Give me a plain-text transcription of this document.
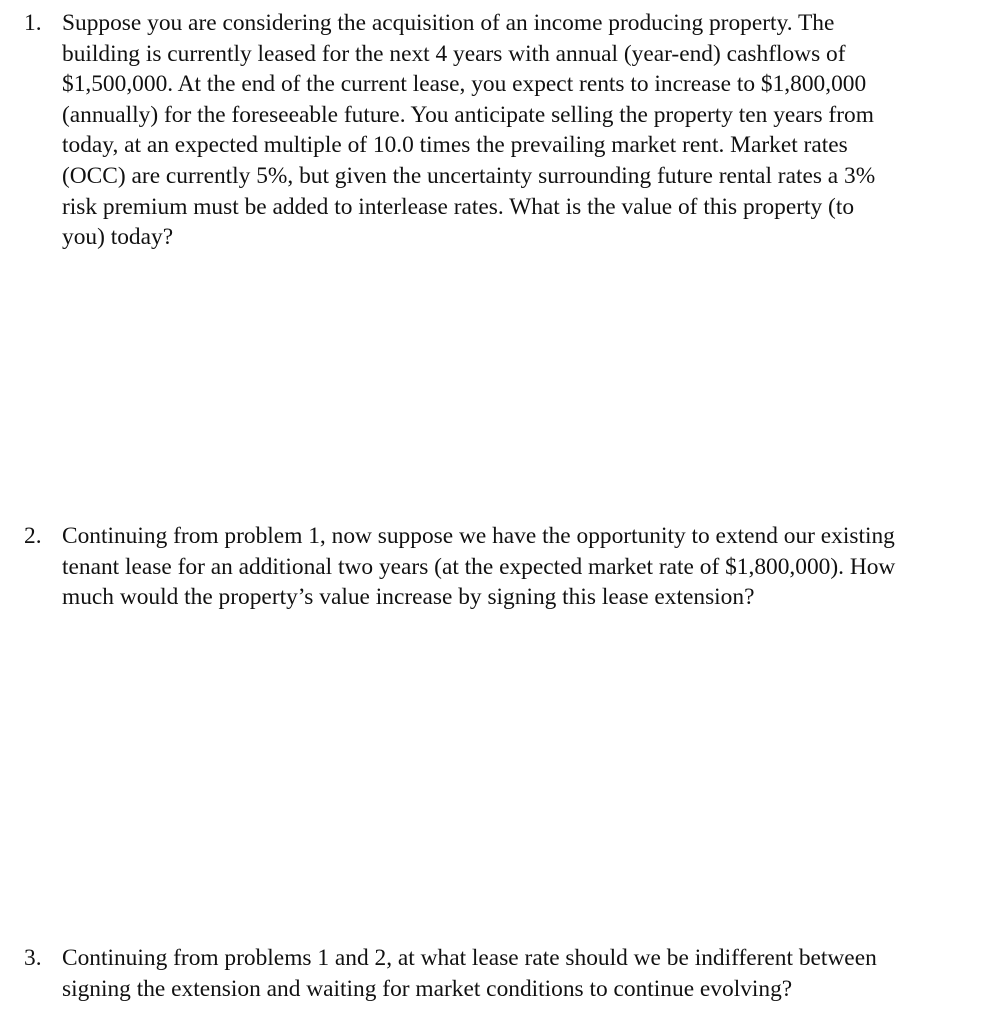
1. Suppose you are considering the acquisition of an income producing property. The
building is currently leased for the next 4 years with annual (year-end) cashflows of
$1,500,000. At the end of the current lease, you expect rents to increase to $1,800,000
(annually) for the foreseeable future. You anticipate selling the property ten years from
today, at an expected multiple of 10.0 times the prevailing market rent. Market rates
(OCC) are currently 5%, but given the uncertainty surrounding future rental rates a 3%
risk premium must be added to interlease rates. What is the value of this property (to
you) today?
2. Continuing from problem 1, now suppose we have the opportunity to extend our existing
tenant lease for an additional two years (at the expected market rate of $1,800,000). How
much would the property’s value increase by signing this lease extension?
3. Continuing from problems 1 and 2, at what lease rate should we be indifferent between
signing the extension and waiting for market conditions to continue evolving?
